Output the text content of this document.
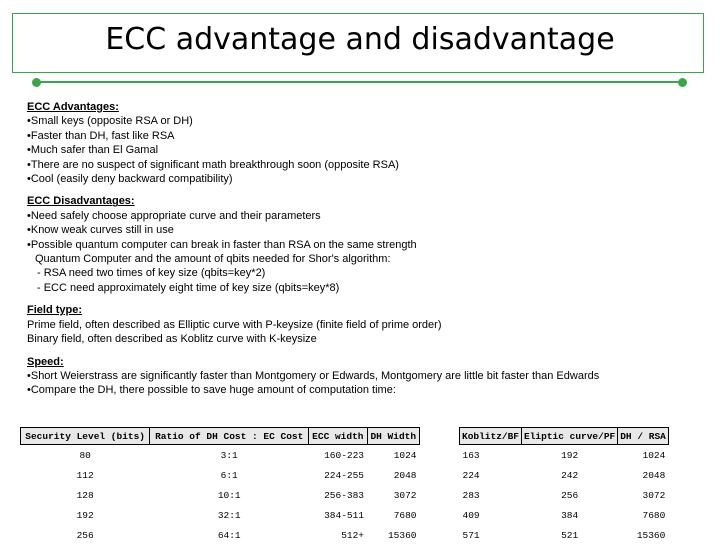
ECC advantage and disadvantage
ECC Advantages:
•Small keys (opposite RSA or DH)
•Faster than DH, fast like RSA
•Much safer than El Gamal
•There are no suspect of significant math breakthrough soon (opposite RSA)
•Cool (easily deny backward compatibility)
ECC Disadvantages:
•Need safely choose appropriate curve and their parameters
•Know weak curves still in use
•Possible quantum computer can break in faster than RSA on the same strength
Quantum Computer and the amount of qbits needed for Shor's algorithm:
- RSA need two times of key size (qbits=key*2)
- ECC need approximately eight time of key size (qbits=key*8)
Field type:
Prime field, often described as Elliptic curve with P-keysize (finite field of prime order)
Binary field, often described as Koblitz curve with K-keysize
Speed:
•Short Weierstrass are significantly faster than Montgomery or Edwards, Montgomery are little bit faster than Edwards
•Compare the DH, there possible to save huge amount of computation time:
Security Level (bits)	Ratio of DH Cost : EC Cost	ECC width	DH Width
80	3:1	160-223	1024
112	6:1	224-255	2048
128	10:1	256-383	3072
192	32:1	384-511	7680
256	64:1	512+	15360
Koblitz/BF	Eliptic curve/PF	DH / RSA
163	192	1024
224	242	2048
283	256	3072
409	384	7680
571	521	15360
